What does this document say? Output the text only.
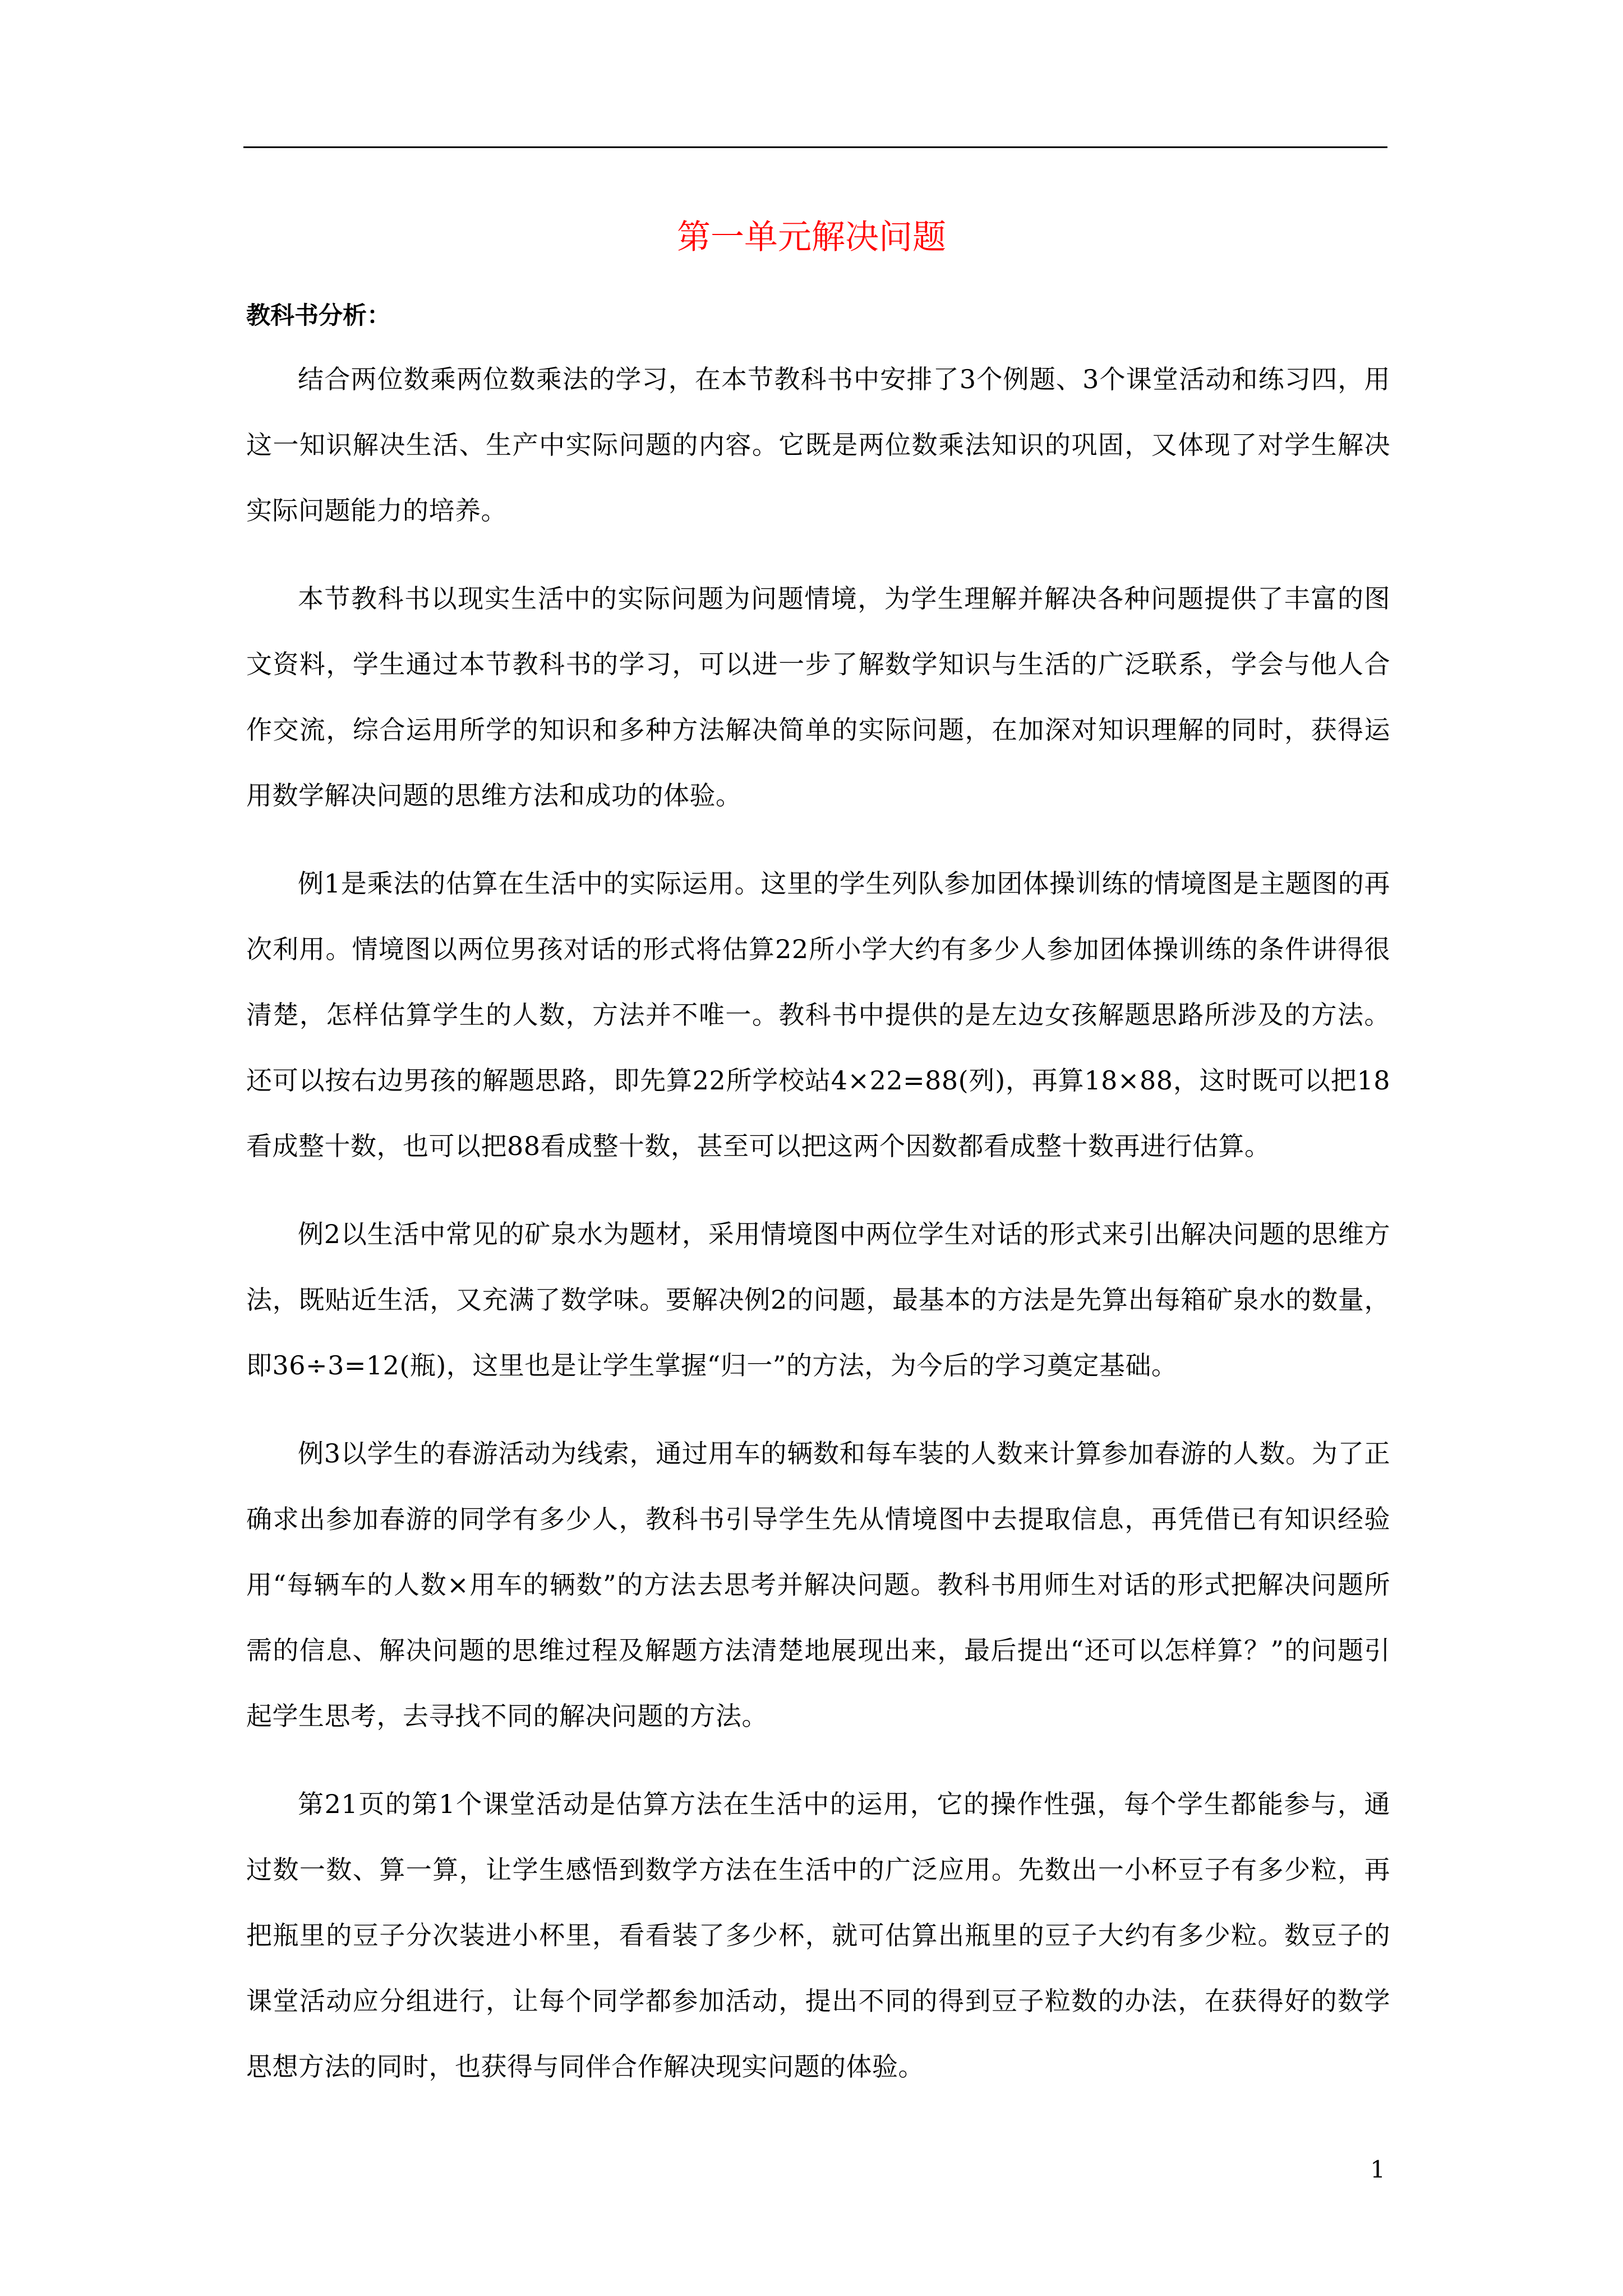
第一单元解决问题
教科书分析：

结合两位数乘两位数乘法的学习，在本节教科书中安排了3个例题、3个课堂活动和练习四，用这一知识解决生活、生产中实际问题的内容。它既是两位数乘法知识的巩固，又体现了对学生解决实际问题能力的培养。

本节教科书以现实生活中的实际问题为问题情境，为学生理解并解决各种问题提供了丰富的图文资料，学生通过本节教科书的学习，可以进一步了解数学知识与生活的广泛联系，学会与他人合作交流，综合运用所学的知识和多种方法解决简单的实际问题，在加深对知识理解的同时，获得运用数学解决问题的思维方法和成功的体验。

例1是乘法的估算在生活中的实际运用。这里的学生列队参加团体操训练的情境图是主题图的再次利用。情境图以两位男孩对话的形式将估算22所小学大约有多少人参加团体操训练的条件讲得很清楚，怎样估算学生的人数，方法并不唯一。教科书中提供的是左边女孩解题思路所涉及的方法。还可以按右边男孩的解题思路，即先算22所学校站4×22=88(列)，再算18×88，这时既可以把18看成整十数，也可以把88看成整十数，甚至可以把这两个因数都看成整十数再进行估算。

例2以生活中常见的矿泉水为题材，采用情境图中两位学生对话的形式来引出解决问题的思维方法，既贴近生活，又充满了数学味。要解决例2的问题，最基本的方法是先算出每箱矿泉水的数量，即36÷3=12(瓶)，这里也是让学生掌握“归一”的方法，为今后的学习奠定基础。

例3以学生的春游活动为线索，通过用车的辆数和每车装的人数来计算参加春游的人数。为了正确求出参加春游的同学有多少人，教科书引导学生先从情境图中去提取信息，再凭借已有知识经验用“每辆车的人数×用车的辆数”的方法去思考并解决问题。教科书用师生对话的形式把解决问题所需的信息、解决问题的思维过程及解题方法清楚地展现出来，最后提出“还可以怎样算？”的问题引起学生思考，去寻找不同的解决问题的方法。

第21页的第1个课堂活动是估算方法在生活中的运用，它的操作性强，每个学生都能参与，通过数一数、算一算，让学生感悟到数学方法在生活中的广泛应用。先数出一小杯豆子有多少粒，再把瓶里的豆子分次装进小杯里，看看装了多少杯，就可估算出瓶里的豆子大约有多少粒。数豆子的课堂活动应分组进行，让每个同学都参加活动，提出不同的得到豆子粒数的办法，在获得好的数学思想方法的同时，也获得与同伴合作解决现实问题的体验。

1
